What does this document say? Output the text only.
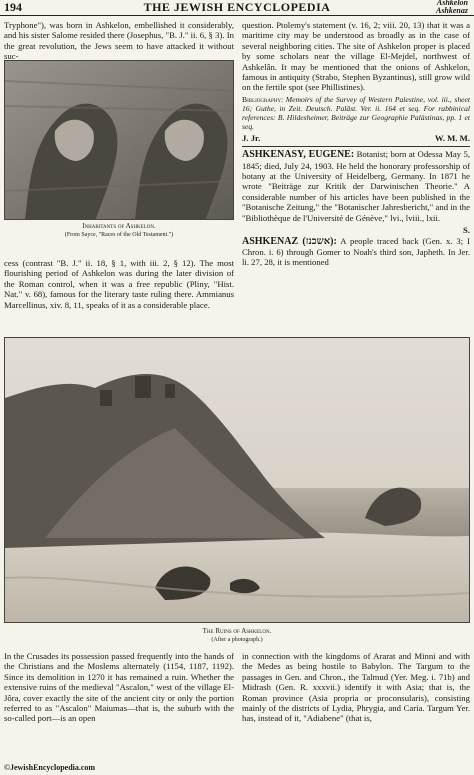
194	THE JEWISH ENCYCLOPEDIA	Ashkelon
Ashkenaz

Tryphone"), was born in Ashkelon, embellished it considerably, and his sister Salome resided there (Josephus, "B. J." ii. 6, § 3). In the great revolution, the Jews seem to have attacked it without suc-

Inhabitants of Ashkelon.
(From Sayce, "Races of the Old Testament.")

cess (contrast "B. J." ii. 18, § 1, with iii. 2, § 12). The most flourishing period of Ashkelon was during the later division of the Roman control, when it was a free republic (Pliny, "Hist. Nat." v. 68), famous for the literary taste ruling there. Ammianus Marcellinus, xiv. 8, 11, speaks of it as a considerable place.

question. Ptolemy's statement (v. 16, 2; viii. 20, 13) that it was a maritime city may be understood as broadly as in the case of several neighboring cities. The site of Ashkelon proper is placed by some scholars near the village El-Mejdel, northwest of Ashkelân. It may be mentioned that the onions of Ashkelon, famous in antiquity (Strabo, Stephen Byzantinus), still grow wild on the fertile spot (see Phillistines).

Bibliography: Memoirs of the Survey of Western Palestine, vol. iii., sheet 16; Guthe, in Zeit. Deutsch. Palâst. Ver. ii. 164 et seq. For rabbinical references: B. Hildesheimer, Beiträge zur Geographie Palästinas, pp. 1 et seq.
J. Jr.	W. M. M.

ASHKENASY, EUGENE: Botanist; born at Odessa May 5, 1845; died, July 24, 1903. He held the honorary professorship of botany at the University of Heidelberg, Germany. In 1871 he wrote "Beiträge zur Kritik der Darwinischen Theorie." A considerable number of his articles have been published in the "Botanische Zeitung," the "Botanischer Jahresbericht," and in the "Bibliothèque de l'Université de Génève," lvi., lviii., lxii.

S.

ASHKENAZ (אשכנז): A people traced back (Gen. x. 3; I Chron. i. 6) through Gomer to Noah's third son, Japheth. In Jer. li. 27, 28, it is mentioned

The Ruins of Ashkelon.
(After a photograph.)

In the Crusades its possession passed frequently into the hands of the Christians and the Moslems alternately (1154, 1187, 1192). Since its demolition in 1270 it has remained a ruin. Whether the extensive ruins of the medieval "Ascalon," west of the village El-Jôra, cover exactly the site of the ancient city or only the portion referred to as "Ascalon" Maiumas—that is, the suburb with the so-called port—is an open

in connection with the kingdoms of Ararat and Minni and with the Medes as being hostile to Babylon. The Targum to the passages in Gen. and Chron., the Talmud (Yer. Meg. i. 71b) and Midrash (Gen. R. xxxvii.) identify it with Asia; that is, the Roman province (Asia propria or proconsularis), consisting mainly of the districts of Lydia, Phrygia, and Caria. Targum Yer. has, instead of it, "Adiabene" (that is,

©JewishEncyclopedia.com
